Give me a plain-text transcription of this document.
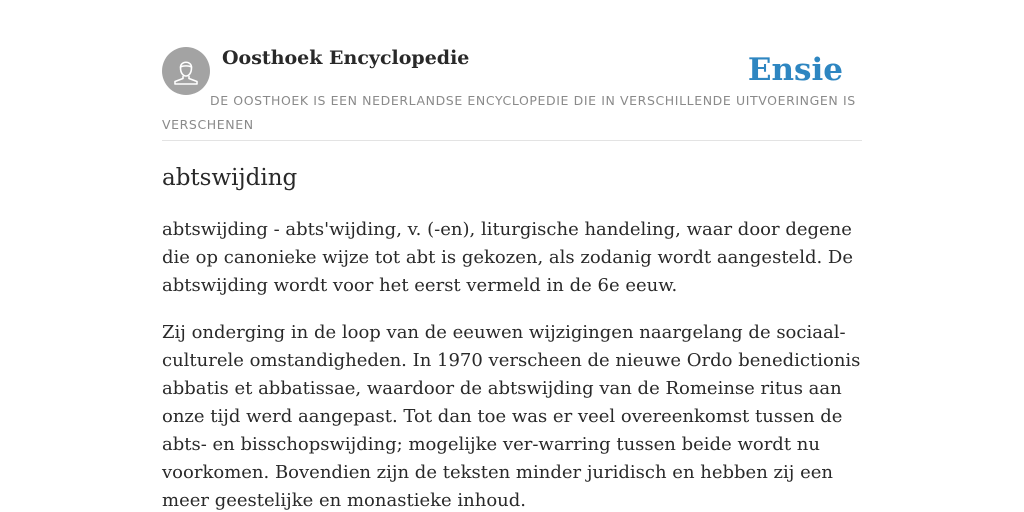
Oosthoek Encyclopedie	Ensie

DE OOSTHOEK IS EEN NEDERLANDSE ENCYCLOPEDIE DIE IN VERSCHILLENDE UITVOERINGEN IS VERSCHENEN

abtswijding

abtswijding - abts'wijding, v. (-en), liturgische handeling, waar door degene die op canonieke wijze tot abt is gekozen, als zodanig wordt aangesteld. De abtswijding wordt voor het eerst vermeld in de 6e eeuw.

Zij onderging in de loop van de eeuwen wijzigingen naargelang de sociaal-culturele omstandigheden. In 1970 verscheen de nieuwe Ordo benedictionis abbatis et abbatissae, waardoor de abtswijding van de Romeinse ritus aan onze tijd werd aangepast. Tot dan toe was er veel overeenkomst tussen de abts- en bisschopswijding; mogelijke ver-warring tussen beide wordt nu voorkomen. Bovendien zijn de teksten minder juridisch en hebben zij een meer geestelijke en monastieke inhoud.
